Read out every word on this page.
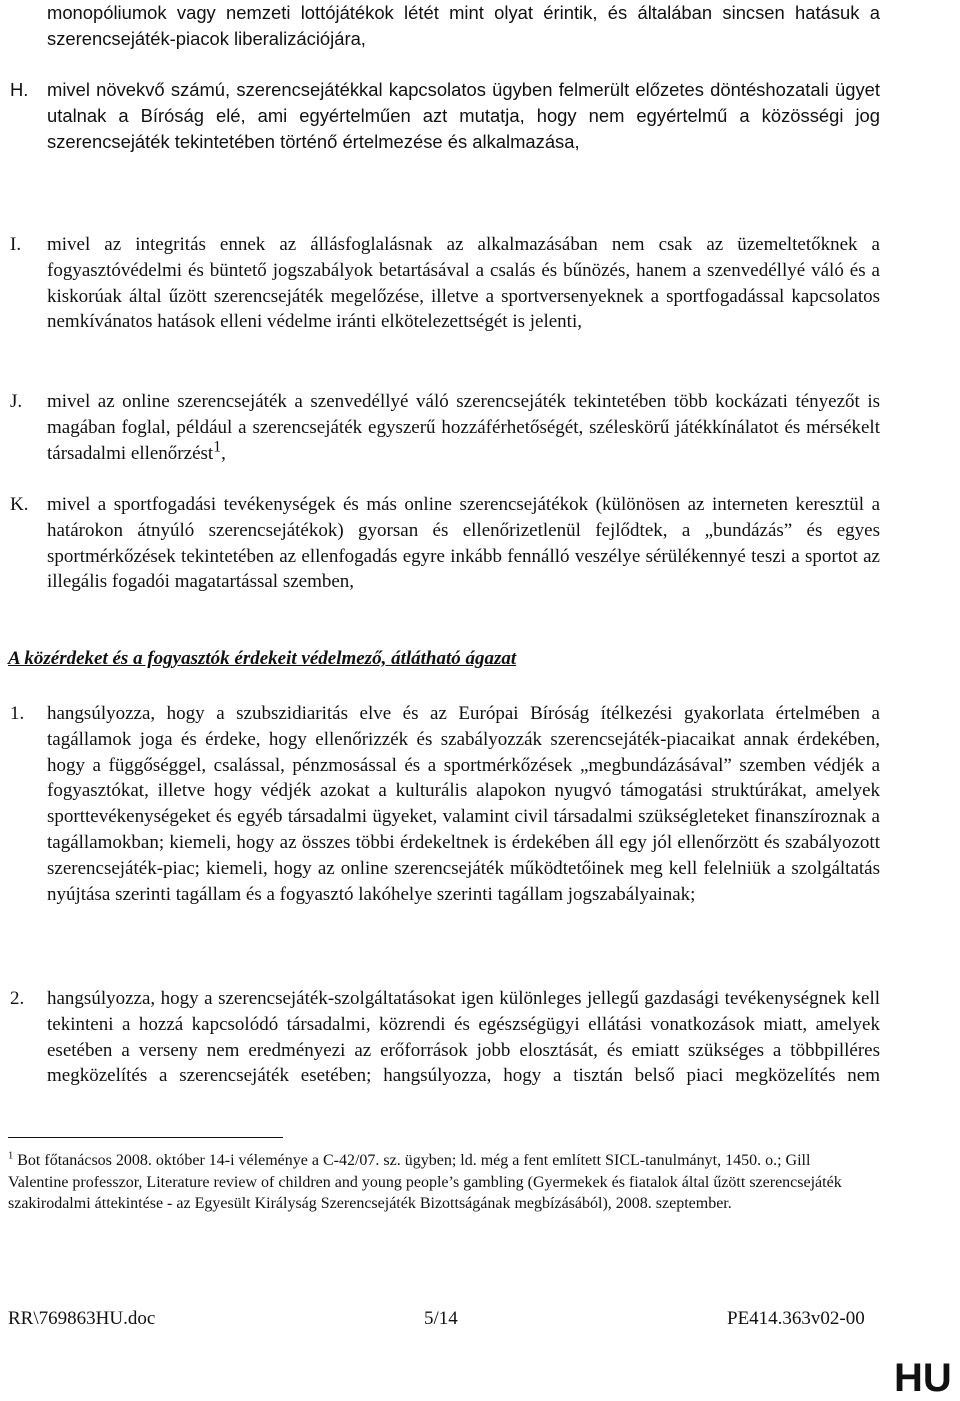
monopóliumok vagy nemzeti lottójátékok létét mint olyat érintik, és általában sincsen hatásuk a szerencsejáték-piacok liberalizációjára,
H. mivel növekvő számú, szerencsejátékkal kapcsolatos ügyben felmerült előzetes döntéshozatali ügyet utalnak a Bíróság elé, ami egyértelműen azt mutatja, hogy nem egyértelmű a közösségi jog szerencsejáték tekintetében történő értelmezése és alkalmazása,
I. mivel az integritás ennek az állásfoglalásnak az alkalmazásában nem csak az üzemeltetőknek a fogyasztóvédelmi és büntető jogszabályok betartásával a csalás és bűnözés, hanem a szenvedéllyé váló és a kiskorúak által űzött szerencsejáték megelőzése, illetve a sportversenyeknek a sportfogadással kapcsolatos nemkívánatos hatások elleni védelme iránti elkötelezettségét is jelenti,
J. mivel az online szerencsejáték a szenvedéllyé váló szerencsejáték tekintetében több kockázati tényezőt is magában foglal, például a szerencsejáték egyszerű hozzáférhetőségét, széleskörű játékkínálatot és mérsékelt társadalmi ellenőrzést$^1$,
K. mivel a sportfogadási tevékenységek és más online szerencsejátékok (különösen az interneten keresztül a határokon átnyúló szerencsejátékok) gyorsan és ellenőrizetlenül fejlődtek, a „bundázás” és egyes sportmérkőzések tekintetében az ellenfogadás egyre inkább fennálló veszélye sérülékennyé teszi a sportot az illegális fogadói magatartással szemben,
A közérdeket és a fogyasztók érdekeit védelmező, átlátható ágazat
1. hangsúlyozza, hogy a szubszidiaritás elve és az Európai Bíróság ítélkezési gyakorlata értelmében a tagállamok joga és érdeke, hogy ellenőrizzék és szabályozzák szerencsejáték-piacaikat annak érdekében, hogy a függőséggel, csalással, pénzmosással és a sportmérkőzések „megbundázásával” szemben védjék a fogyasztókat, illetve hogy védjék azokat a kulturális alapokon nyugvó támogatási struktúrákat, amelyek sporttevékenységeket és egyéb társadalmi ügyeket, valamint civil társadalmi szükségleteket finanszíroznak a tagállamokban; kiemeli, hogy az összes többi érdekeltnek is érdekében áll egy jól ellenőrzött és szabályozott szerencsejáték-piac; kiemeli, hogy az online szerencsejáték működtetőinek meg kell felelniük a szolgáltatás nyújtása szerinti tagállam és a fogyasztó lakóhelye szerinti tagállam jogszabályainak;
2. hangsúlyozza, hogy a szerencsejáték-szolgáltatásokat igen különleges jellegű gazdasági tevékenységnek kell tekinteni a hozzá kapcsolódó társadalmi, közrendi és egészségügyi ellátási vonatkozások miatt, amelyek esetében a verseny nem eredményezi az erőforrások jobb elosztását, és emiatt szükséges a többpilléres megközelítés a szerencsejáték esetében; hangsúlyozza, hogy a tisztán belső piaci megközelítés nem
$^1$ Bot főtanácsos 2008. október 14-i véleménye a C-42/07. sz. ügyben; ld. még a fent említett SICL-tanulmányt, 1450. o.; Gill Valentine professzor, Literature review of children and young people’s gambling (Gyermekek és fiatalok által űzött szerencsejáték szakirodalmi áttekintése - az Egyesült Királyság Szerencsejáték Bizottságának megbízásából), 2008. szeptember.
RR\769863HU.doc	5/14	PE414.363v02-00
HU
